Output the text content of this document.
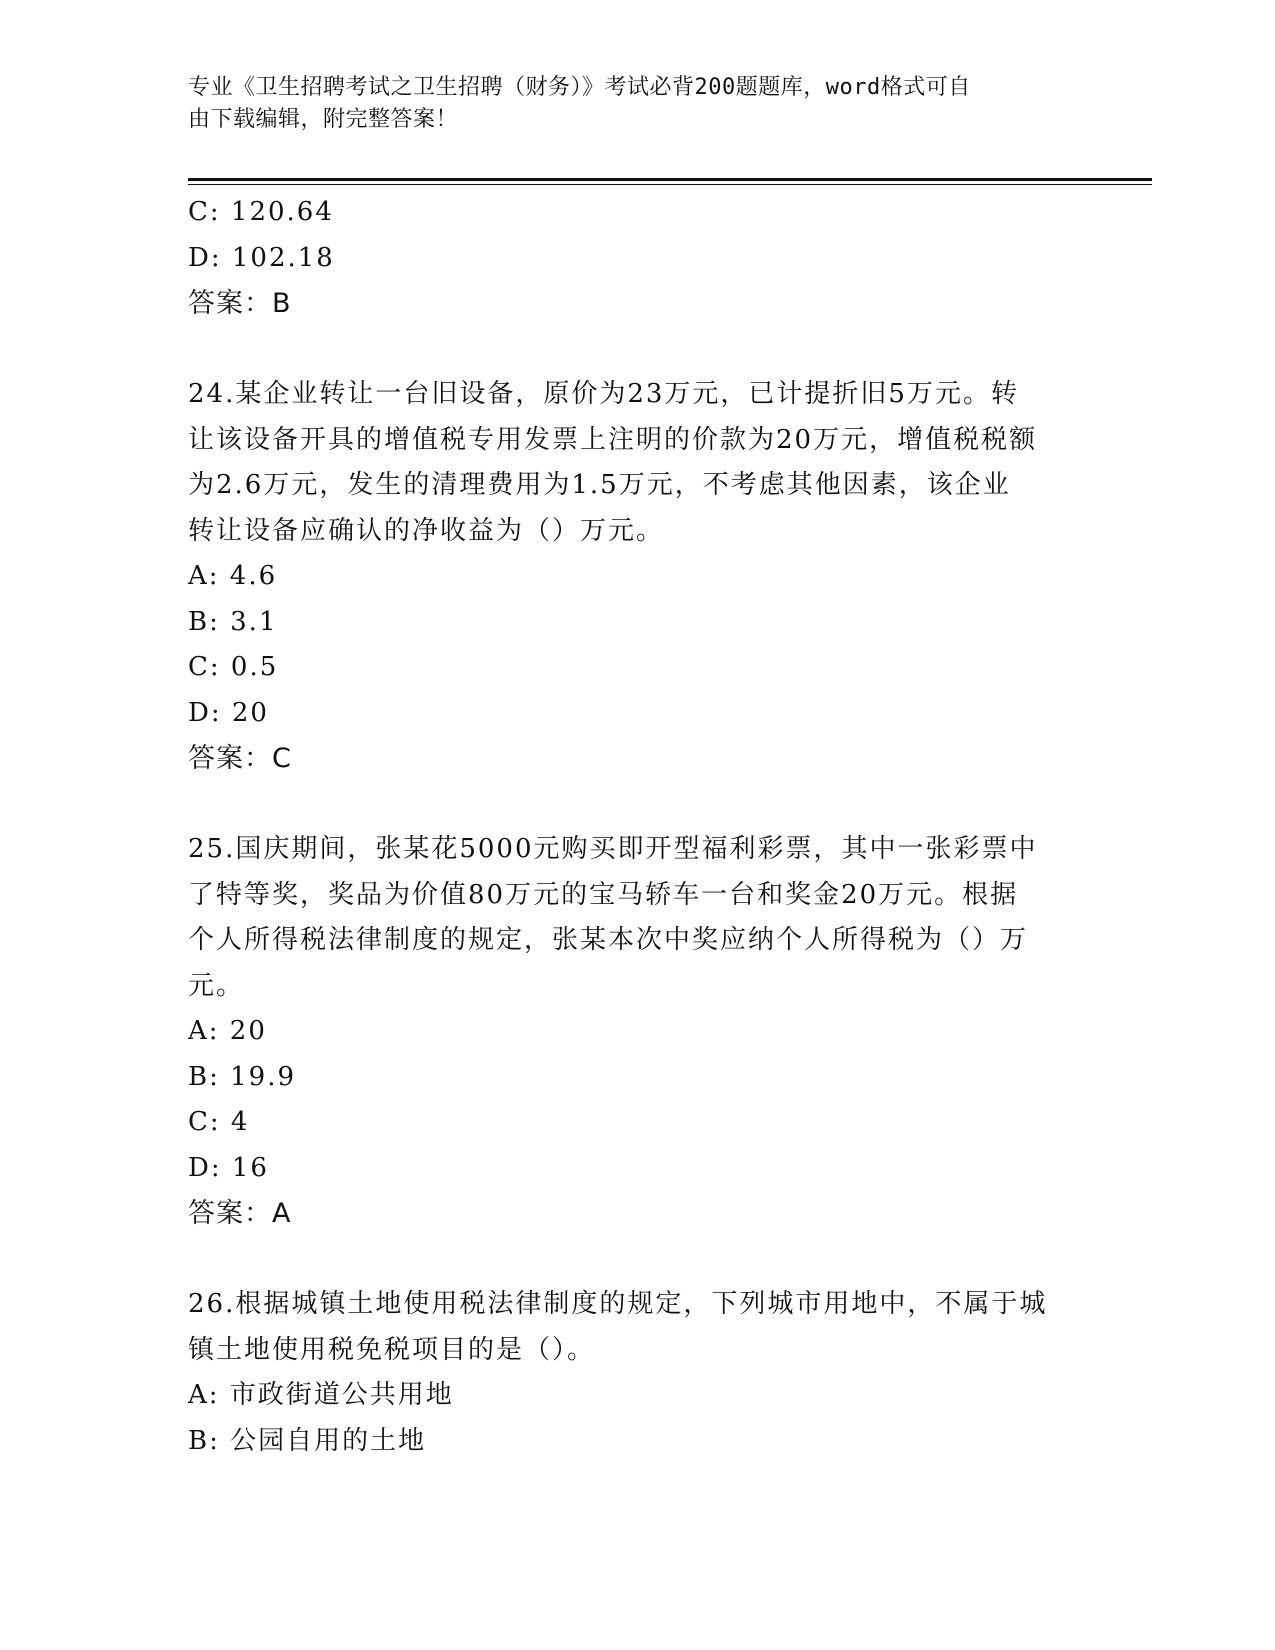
专业《卫生招聘考试之卫生招聘（财务）》考试必背200题题库，word格式可自
由下载编辑，附完整答案！
C: 120.64
D: 102.18
答案：B
24.某企业转让一台旧设备，原价为23万元，已计提折旧5万元。转
让该设备开具的增值税专用发票上注明的价款为20万元，增值税税额
为2.6万元，发生的清理费用为1.5万元，不考虑其他因素，该企业
转让设备应确认的净收益为（）万元。
A: 4.6
B: 3.1
C: 0.5
D: 20
答案：C
25.国庆期间，张某花5000元购买即开型福利彩票，其中一张彩票中
了特等奖，奖品为价值80万元的宝马轿车一台和奖金20万元。根据
个人所得税法律制度的规定，张某本次中奖应纳个人所得税为（）万
元。
A: 20
B: 19.9
C: 4
D: 16
答案：A
26.根据城镇土地使用税法律制度的规定，下列城市用地中，不属于城
镇土地使用税免税项目的是（）。
A: 市政街道公共用地
B: 公园自用的土地
